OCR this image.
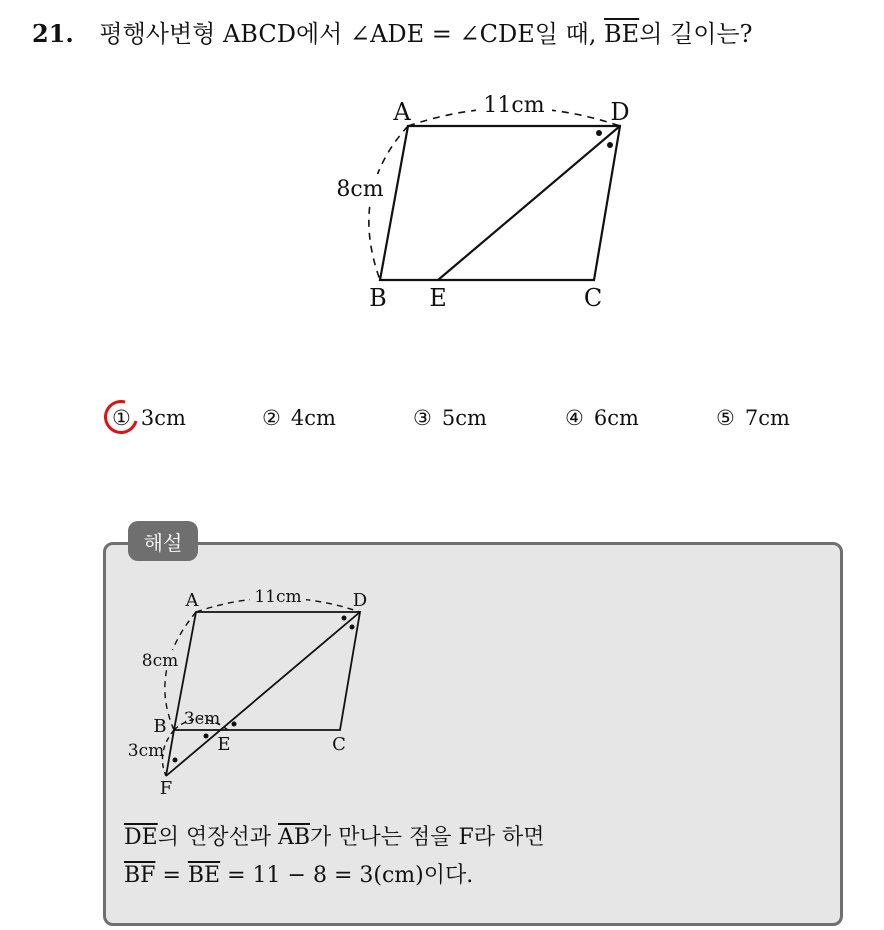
21. 평행사변형 ABCD에서 ∠ADE = ∠CDE일 때, $\overline{BE}$의 길이는?
11cm
8cm
A	D
B E	C
① 3cm	② 4cm	③ 5cm	④ 6cm	⑤ 7cm
해설
11cm
8cm
3cm
3cm
A	D
B
E	C
F
$\overline{DE}$의 연장선과 $\overline{AB}$가 만나는 점을 F라 하면
$\overline{BF} = \overline{BE} = 11 - 8 = 3(cm)$이다.
